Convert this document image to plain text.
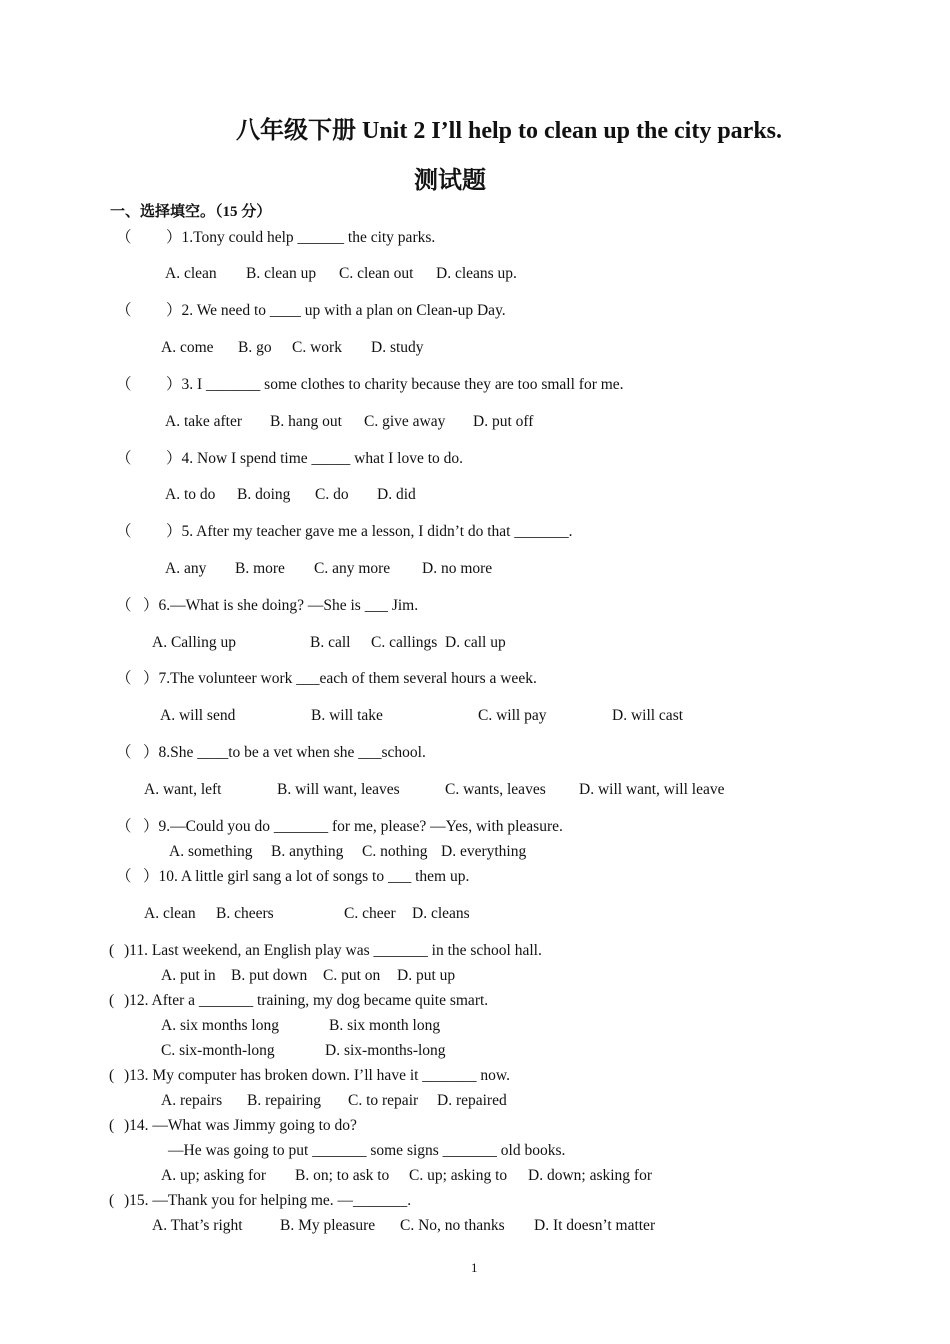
八年级下册 Unit 2 I’ll help to clean up the city parks.
测试题
一、选择填空。（15 分）
（ ）1.Tony could help ______ the city parks.
A. clean B. clean up C. clean out D. cleans up.
（ ）2. We need to ____ up with a plan on Clean-up Day.
A. come B. go C. work D. study
（ ）3. I _______ some clothes to charity because they are too small for me.
A. take after B. hang out C. give away D. put off
（ ）4. Now I spend time _____ what I love to do.
A. to do B. doing C. do D. did
（ ）5. After my teacher gave me a lesson, I didn’t do that _______.
A. any B. more C. any more D. no more
（ ）6.—What is she doing? —She is ___ Jim.
A. Calling up	B. call C. callings D. call up
（ ）7.The volunteer work ___each of them several hours a week.
A. will send	B. will take	C. will pay	D. will cast
（ ）8.She ____to be a vet when she ___school.
A. want, left	B. will want, leaves	C. wants, leaves D. will want, will leave
（ ）9.—Could you do _______ for me, please? —Yes, with pleasure.
A. something B. anything C. nothing D. everything
（ ）10. A little girl sang a lot of songs to ___ them up.
A. clean B. cheers	C. cheer D. cleans
( )11. Last weekend, an English play was _______ in the school hall.
A. put in B. put down C. put on D. put up
( )12. After a _______ training, my dog became quite smart.
A. six months long	B. six month long
C. six-month-long	D. six-months-long
( )13. My computer has broken down. I’ll have it _______ now.
A. repairs B. repairing C. to repair D. repaired
( )14. —What was Jimmy going to do?
—He was going to put _______ some signs _______ old books.
A. up; asking for B. on; to ask to C. up; asking to D. down; asking for
( )15. —Thank you for helping me. —_______.
A. That’s right B. My pleasure C. No, no thanks D. It doesn’t matter
1
